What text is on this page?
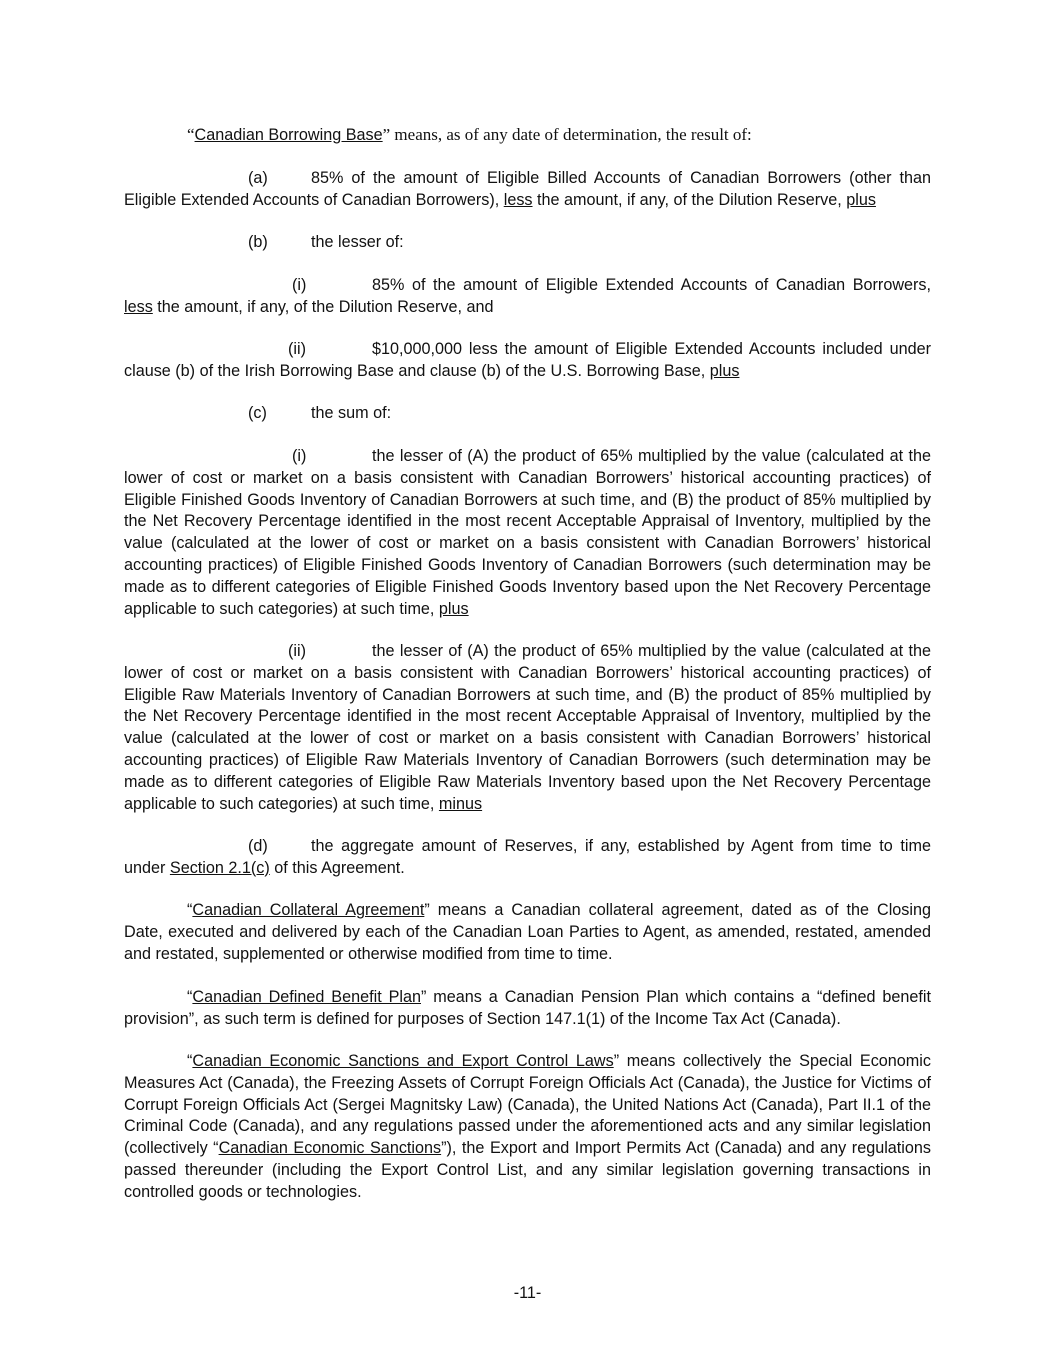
“Canadian Borrowing Base” means, as of any date of determination, the result of:

(a)	85% of the amount of Eligible Billed Accounts of Canadian Borrowers (other than Eligible Extended Accounts of Canadian Borrowers), less the amount, if any, of the Dilution Reserve, plus

(b)	the lesser of:
(i)	85% of the amount of Eligible Extended Accounts of Canadian Borrowers, less the amount, if any, of the Dilution Reserve, and

(ii)	$10,000,000 less the amount of Eligible Extended Accounts included under clause (b) of the Irish Borrowing Base and clause (b) of the U.S. Borrowing Base, plus

(c)	the sum of:
(i)	the lesser of (A) the product of 65% multiplied by the value (calculated at the lower of cost or market on a basis consistent with Canadian Borrowers’ historical accounting practices) of Eligible Finished Goods Inventory of Canadian Borrowers at such time, and (B) the product of 85% multiplied by the Net Recovery Percentage identified in the most recent Acceptable Appraisal of Inventory, multiplied by the value (calculated at the lower of cost or market on a basis consistent with Canadian Borrowers’ historical accounting practices) of Eligible Finished Goods Inventory of Canadian Borrowers (such determination may be made as to different categories of Eligible Finished Goods Inventory based upon the Net Recovery Percentage applicable to such categories) at such time, plus

(ii)	the lesser of (A) the product of 65% multiplied by the value (calculated at the lower of cost or market on a basis consistent with Canadian Borrowers’ historical accounting practices) of Eligible Raw Materials Inventory of Canadian Borrowers at such time, and (B) the product of 85% multiplied by the Net Recovery Percentage identified in the most recent Acceptable Appraisal of Inventory, multiplied by the value (calculated at the lower of cost or market on a basis consistent with Canadian Borrowers’ historical accounting practices) of Eligible Raw Materials Inventory of Canadian Borrowers (such determination may be made as to different categories of Eligible Raw Materials Inventory based upon the Net Recovery Percentage applicable to such categories) at such time, minus

(d)	the aggregate amount of Reserves, if any, established by Agent from time to time under Section 2.1(c) of this Agreement.

“Canadian Collateral Agreement” means a Canadian collateral agreement, dated as of the Closing Date, executed and delivered by each of the Canadian Loan Parties to Agent, as amended, restated, amended and restated, supplemented or otherwise modified from time to time.

“Canadian Defined Benefit Plan” means a Canadian Pension Plan which contains a “defined benefit provision”, as such term is defined for purposes of Section 147.1(1) of the Income Tax Act (Canada).

“Canadian Economic Sanctions and Export Control Laws” means collectively the Special Economic Measures Act (Canada), the Freezing Assets of Corrupt Foreign Officials Act (Canada), the Justice for Victims of Corrupt Foreign Officials Act (Sergei Magnitsky Law) (Canada), the United Nations Act (Canada), Part II.1 of the Criminal Code (Canada), and any regulations passed under the aforementioned acts and any similar legislation (collectively “Canadian Economic Sanctions”), the Export and Import Permits Act (Canada) and any regulations passed thereunder (including the Export Control List, and any similar legislation governing transactions in controlled goods or technologies.

-11-
